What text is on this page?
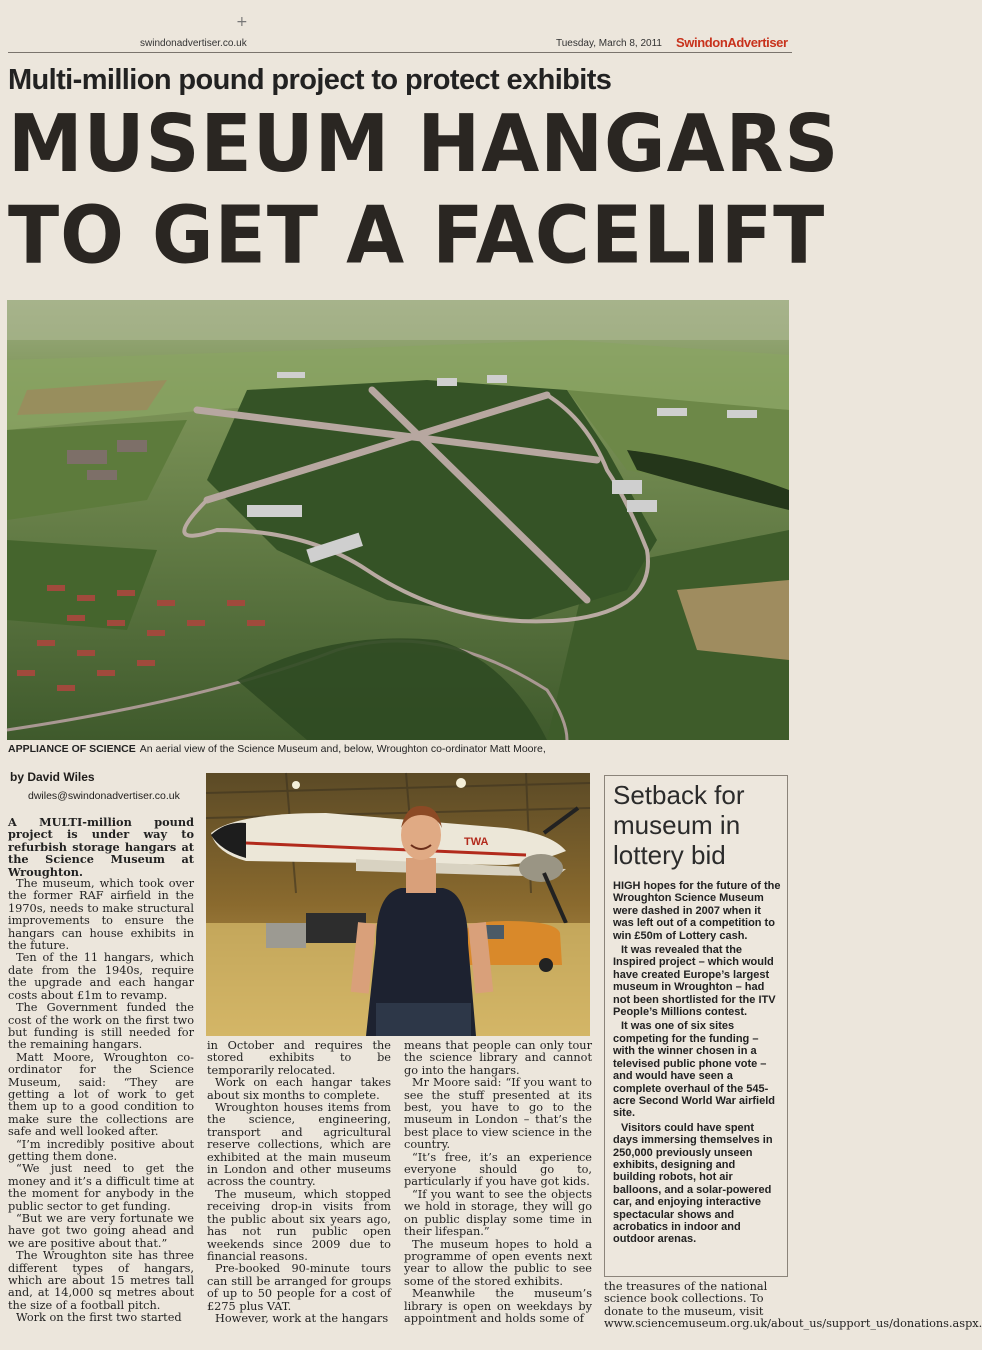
+
swindonadvertiser.co.uk	Tuesday, March 8, 2011 SwindonAdvertiser
Multi-million pound project to protect exhibits
MUSEUM HANGARS
TO GET A FACELIFT
APPLIANCE OF SCIENCE An aerial view of the Science Museum and, below, Wroughton co-ordinator Matt Moore,
by David Wiles
dwiles@swindonadvertiser.co.uk

A MULTI-million pound project is under way to refurbish storage hangars at the Science Museum at Wroughton.

The museum, which took over the former RAF airfield in the 1970s, needs to make structural improvements to ensure the hangars can house exhibits in the future.

Ten of the 11 hangars, which date from the 1940s, require the upgrade and each hangar costs about £1m to revamp.

The Government funded the cost of the work on the first two but funding is still needed for the remaining hangars.

Matt Moore, Wroughton co-ordinator for the Science Museum, said: “They are getting a lot of work to get them up to a good condition to make sure the collections are safe and well looked after.

“I’m incredibly positive about getting them done.

“We just need to get the money and it’s a difficult time at the moment for anybody in the public sector to get funding.

“But we are very fortunate we have got two going ahead and we are positive about that.”

The Wroughton site has three different types of hangars, which are about 15 metres tall and, at 14,000 sq metres about the size of a football pitch.

Work on the first two started

TWA

in October and requires the stored exhibits to be temporarily relocated.

Work on each hangar takes about six months to complete.

Wroughton houses items from the science, engineering, transport and agricultural reserve collections, which are exhibited at the main museum in London and other museums across the country.

The museum, which stopped receiving drop-in visits from the public about six years ago, has not run public open weekends since 2009 due to financial reasons.

Pre-booked 90-minute tours can still be arranged for groups of up to 50 people for a cost of £275 plus VAT.

However, work at the hangars

means that people can only tour the science library and cannot go into the hangars.

Mr Moore said: “If you want to see the stuff presented at its best, you have to go to the museum in London – that’s the best place to view science in the country.

“It’s free, it’s an experience everyone should go to, particularly if you have got kids.

“If you want to see the objects we hold in storage, they will go on public display some time in their lifespan.”

The museum hopes to hold a programme of open events next year to allow the public to see some of the stored exhibits.

Meanwhile the museum’s library is open on weekdays by appointment and holds some of

Setback for museum in lottery bid

HIGH hopes for the future of the Wroughton Science Museum were dashed in 2007 when it was left out of a competition to win £50m of Lottery cash.

It was revealed that the Inspired project – which would have created Europe’s largest museum in Wroughton – had not been shortlisted for the ITV People’s Millions contest.

It was one of six sites competing for the funding – with the winner chosen in a televised public phone vote – and would have seen a complete overhaul of the 545-acre Second World War airfield site.

Visitors could have spent days immersing themselves in 250,000 previously unseen exhibits, designing and building robots, hot air balloons, and a solar-powered car, and enjoying interactive spectacular shows and acrobatics in indoor and outdoor arenas.

the treasures of the national science book collections. To donate to the museum, visit www.sciencemuseum.org.uk/about_us/support_us/donations.aspx.
